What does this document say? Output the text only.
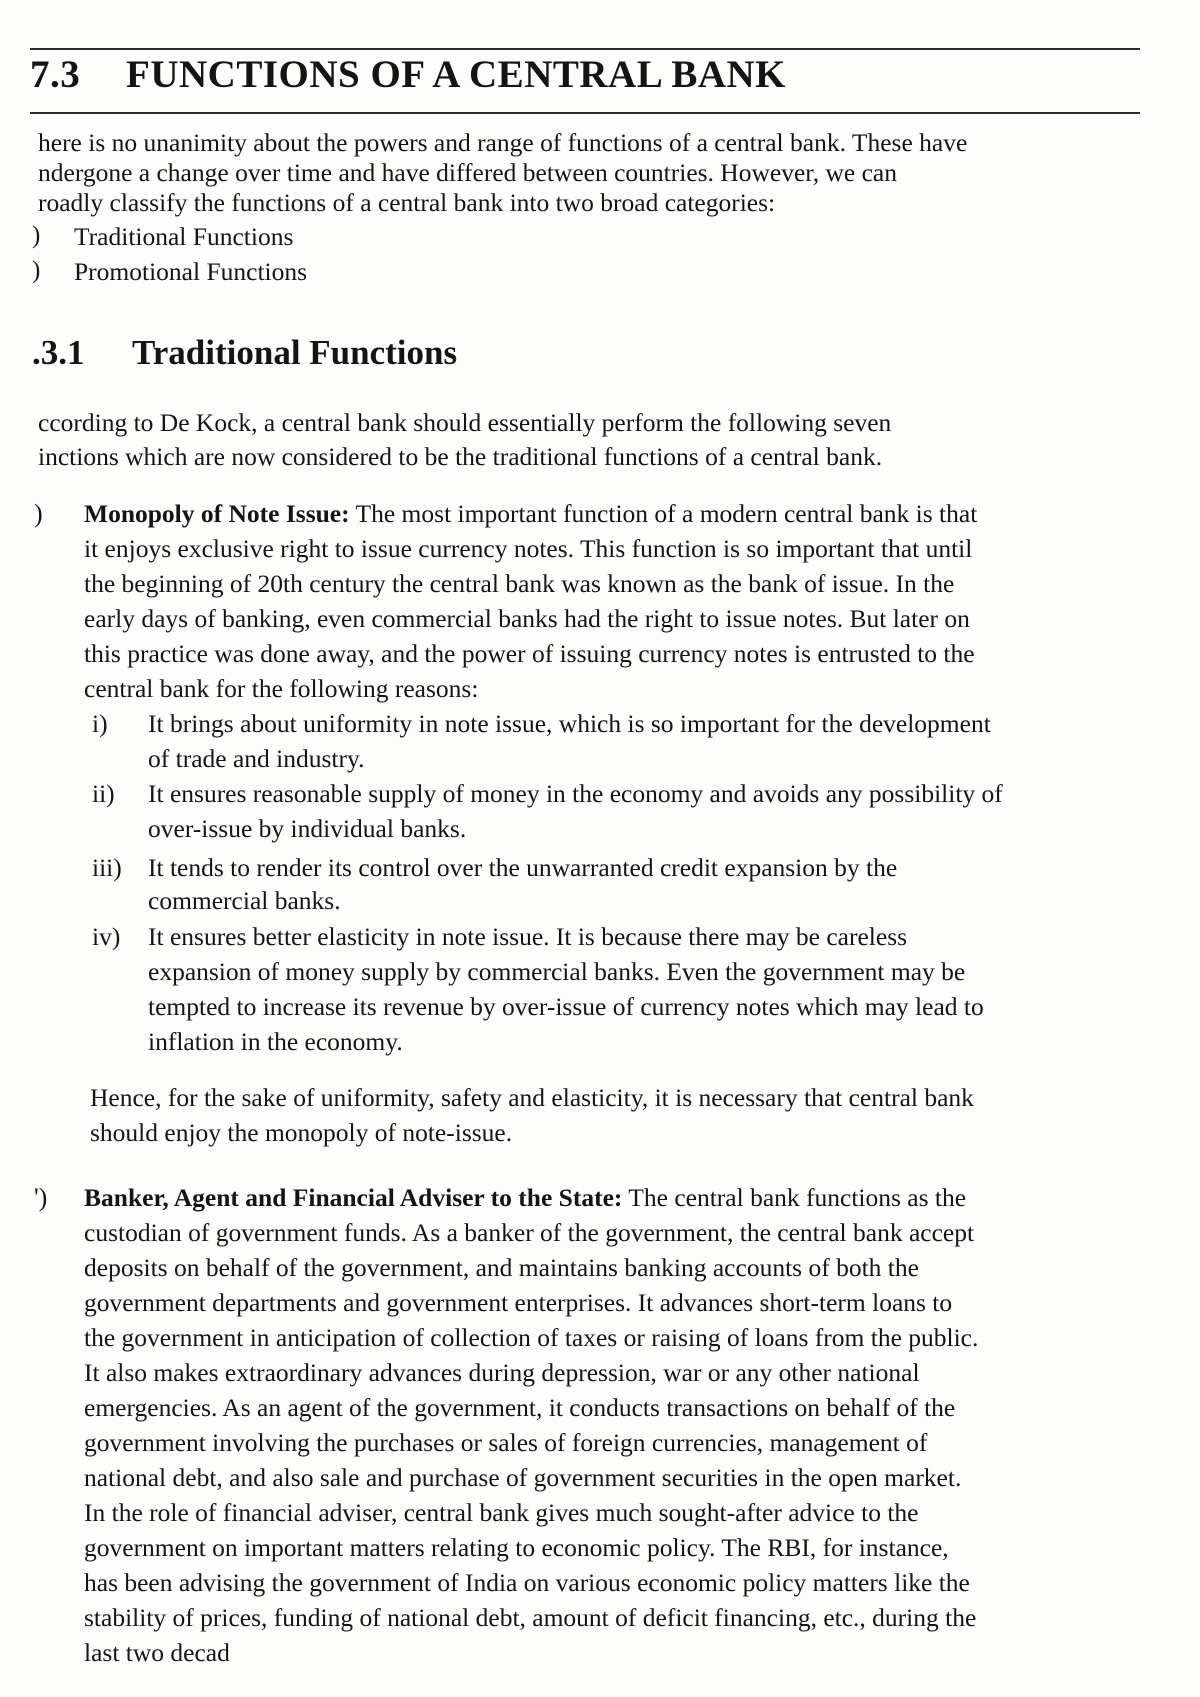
7.3 FUNCTIONS OF A CENTRAL BANK
here is no unanimity about the powers and range of functions of a central bank. These have
ndergone a change over time and have differed between countries. However, we can
roadly classify the functions of a central bank into two broad categories:
) Traditional Functions
) Promotional Functions
.3.1 Traditional Functions
ccording to De Kock, a central bank should essentially perform the following seven
inctions which are now considered to be the traditional functions of a central bank.
) Monopoly of Note Issue: The most important function of a modern central bank is that
it enjoys exclusive right to issue currency notes. This function is so important that until
the beginning of 20th century the central bank was known as the bank of issue. In the
early days of banking, even commercial banks had the right to issue notes. But later on
this practice was done away, and the power of issuing currency notes is entrusted to the
central bank for the following reasons:
i) It brings about uniformity in note issue, which is so important for the development
of trade and industry.
ii) It ensures reasonable supply of money in the economy and avoids any possibility of
over-issue by individual banks.
iii) It tends to render its control over the unwarranted credit expansion by the
commercial banks.
iv) It ensures better elasticity in note issue. It is because there may be careless
expansion of money supply by commercial banks. Even the government may be
tempted to increase its revenue by over-issue of currency notes which may lead to
inflation in the economy.
Hence, for the sake of uniformity, safety and elasticity, it is necessary that central bank
should enjoy the monopoly of note-issue.
') Banker, Agent and Financial Adviser to the State: The central bank functions as the
custodian of government funds. As a banker of the government, the central bank accept
deposits on behalf of the government, and maintains banking accounts of both the
government departments and government enterprises. It advances short-term loans to
the government in anticipation of collection of taxes or raising of loans from the public.
It also makes extraordinary advances during depression, war or any other national
emergencies. As an agent of the government, it conducts transactions on behalf of the
government involving the purchases or sales of foreign currencies, management of
national debt, and also sale and purchase of government securities in the open market.
In the role of financial adviser, central bank gives much sought-after advice to the
government on important matters relating to economic policy. The RBI, for instance,
has been advising the government of India on various economic policy matters like the
stability of prices, funding of national debt, amount of deficit financing, etc., during the
last two decad
